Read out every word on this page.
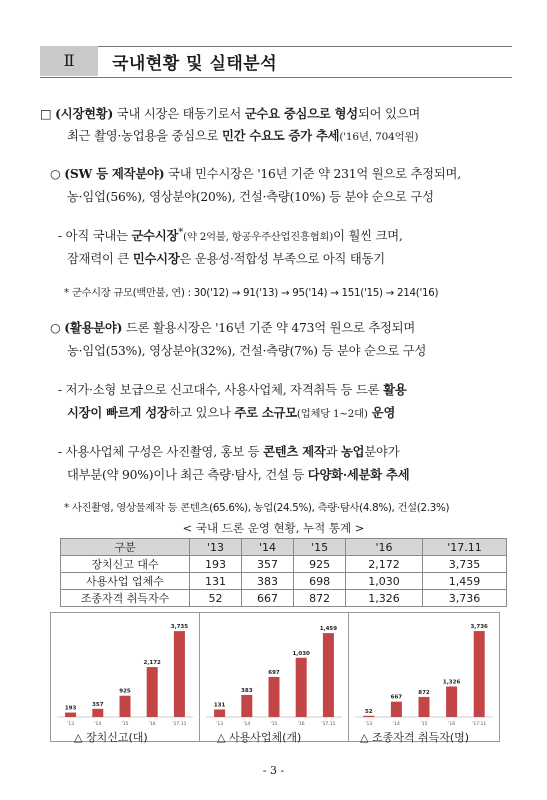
Ⅱ	국내현황 및 실태분석
□ (시장현황) 국내 시장은 태동기로서 군수요 중심으로 형성되어 있으며
최근 촬영·농업용을 중심으로 민간 수요도 증가 추세('16년, 704억원)
○ (SW 등 제작분야) 국내 민수시장은 '16년 기준 약 231억 원으로 추정되며,
농·임업(56%), 영상분야(20%), 건설·측량(10%) 등 분야 순으로 구성
- 아직 국내는 군수시장*(약 2억불, 항공우주산업진흥협회)이 훨씬 크며,
잠재력이 큰 민수시장은 운용성·적합성 부족으로 아직 태동기
* 군수시장 규모(백만불, 연) : 30('12) → 91('13) → 95('14) → 151('15) → 214('16)
○ (활용분야) 드론 활용시장은 '16년 기준 약 473억 원으로 추정되며
농·임업(53%), 영상분야(32%), 건설·측량(7%) 등 분야 순으로 구성
- 저가·소형 보급으로 신고대수, 사용사업체, 자격취득 등 드론 활용
시장이 빠르게 성장하고 있으나 주로 소규모(업체당 1~2대) 운영
- 사용사업체 구성은 사진촬영, 홍보 등 콘텐츠 제작과 농업분야가
대부분(약 90%)이나 최근 측량·탐사, 건설 등 다양화·세분화 추세
* 사진촬영, 영상물제작 등 콘텐츠(65.6%), 농업(24.5%), 측량·탐사(4.8%), 건설(2.3%)
< 국내 드론 운영 현황, 누적 통계 >
구분	'13	'14	'15	'16	'17.11
장치신고 대수	193	357	925	2,172	3,735
사용사업 업체수	131	383	698	1,030	1,459
조종자격 취득자수	52	667	872	1,326	3,736
193
'13
357
'14
925
'15
2,172
'16
3,735
'17.11
131
'13
383
'14
697
'15
1,030
'16
1,459
'17.11
52
'13
667
'14
872
'15
1,326
'16
3,736
'17.11
△ 장치신고(대)	△ 사용사업체(개)	△ 조종자격 취득자(명)
- 3 -
